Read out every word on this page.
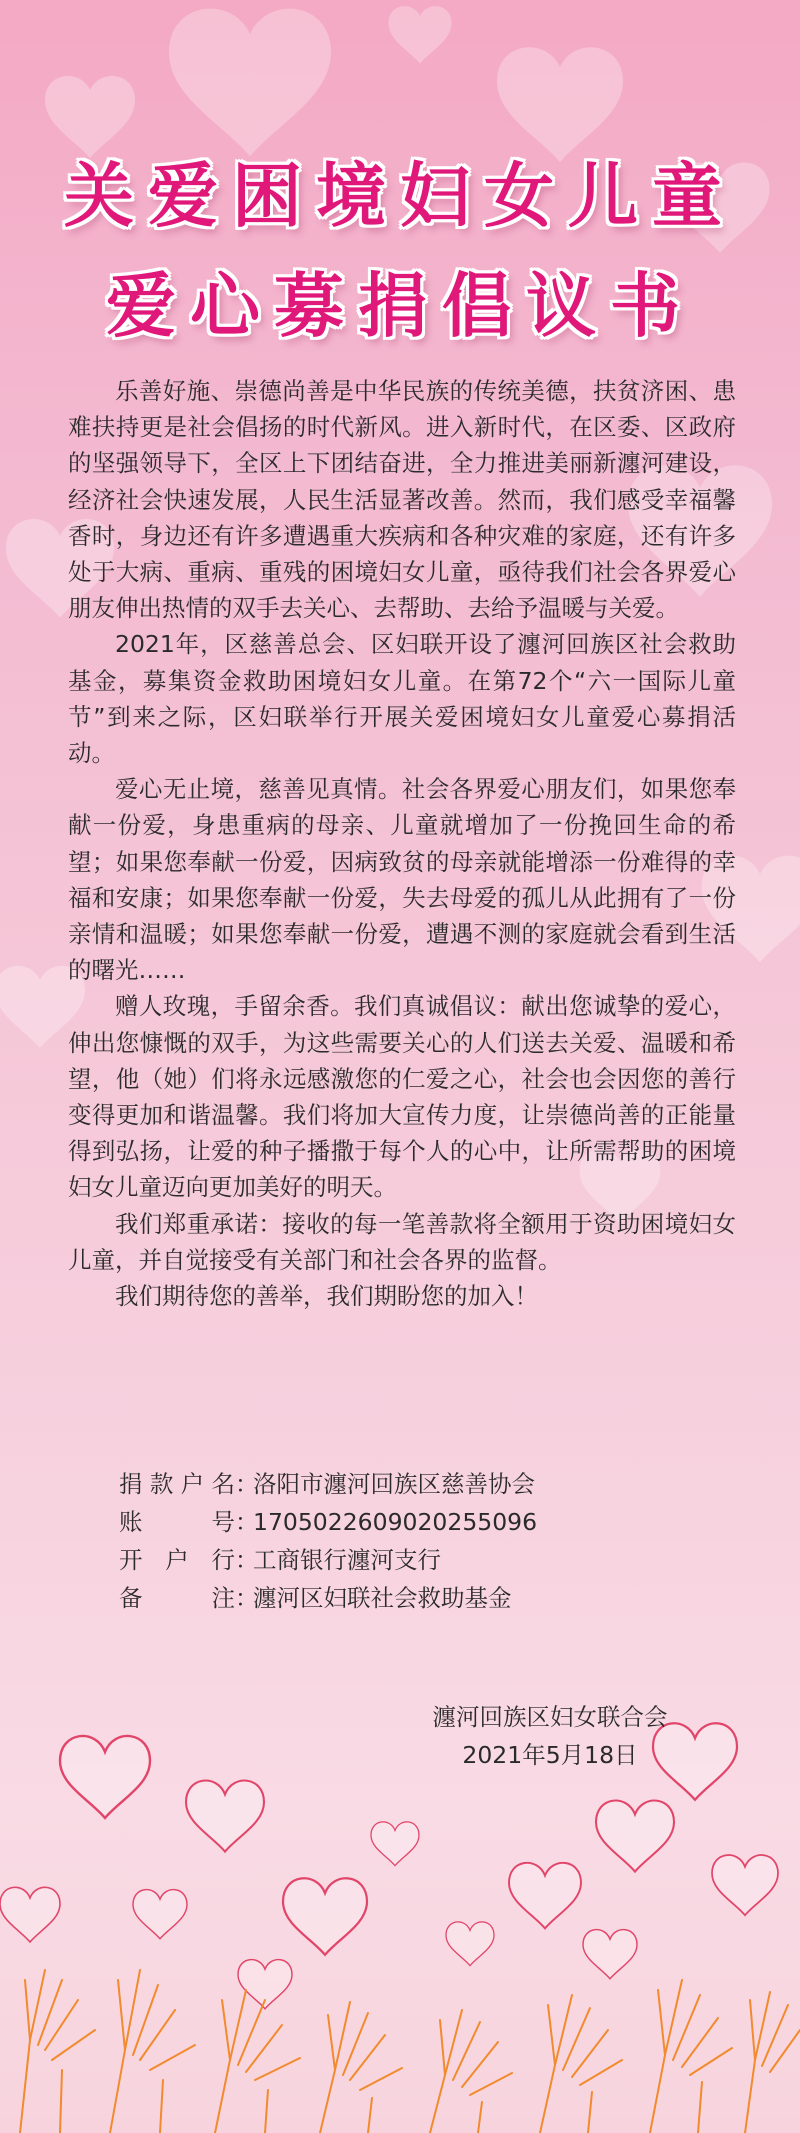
关爱困境妇女儿童
爱心募捐倡议书

乐善好施、崇德尚善是中华民族的传统美德，扶贫济困、患难扶持更是社会倡扬的时代新风。进入新时代，在区委、区政府的坚强领导下，全区上下团结奋进，全力推进美丽新瀍河建设，经济社会快速发展，人民生活显著改善。然而，我们感受幸福馨香时，身边还有许多遭遇重大疾病和各种灾难的家庭，还有许多处于大病、重病、重残的困境妇女儿童，亟待我们社会各界爱心朋友伸出热情的双手去关心、去帮助、去给予温暖与关爱。

2021年，区慈善总会、区妇联开设了瀍河回族区社会救助基金，募集资金救助困境妇女儿童。在第72个“六一国际儿童节”到来之际，区妇联举行开展关爱困境妇女儿童爱心募捐活动。

爱心无止境，慈善见真情。社会各界爱心朋友们，如果您奉献一份爱，身患重病的母亲、儿童就增加了一份挽回生命的希望；如果您奉献一份爱，因病致贫的母亲就能增添一份难得的幸福和安康；如果您奉献一份爱，失去母爱的孤儿从此拥有了一份亲情和温暖；如果您奉献一份爱，遭遇不测的家庭就会看到生活的曙光……

赠人玫瑰，手留余香。我们真诚倡议：献出您诚挚的爱心，伸出您慷慨的双手，为这些需要关心的人们送去关爱、温暖和希望，他（她）们将永远感激您的仁爱之心，社会也会因您的善行变得更加和谐温馨。我们将加大宣传力度，让崇德尚善的正能量得到弘扬，让爱的种子播撒于每个人的心中，让所需帮助的困境妇女儿童迈向更加美好的明天。

我们郑重承诺：接收的每一笔善款将全额用于资助困境妇女儿童，并自觉接受有关部门和社会各界的监督。

我们期待您的善举，我们期盼您的加入！

捐款户名：洛阳市瀍河回族区慈善协会
账号：1705022609020255096
开户行：工商银行瀍河支行
备注：瀍河区妇联社会救助基金
瀍河回族区妇女联合会
2021年5月18日
